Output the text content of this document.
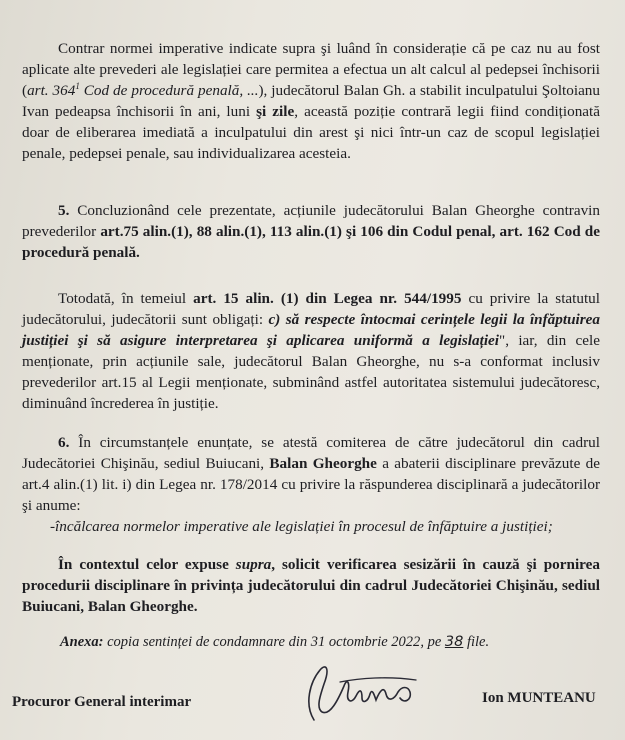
Contrar normei imperative indicate supra şi luând în considerație că pe caz nu au fost aplicate alte prevederi ale legislației care permitea a efectua un alt calcul al pedepsei închisorii (art. $364^1$ Cod de procedură penală, ...), judecătorul Balan Gh. a stabilit inculpatului Şoltoianu Ivan pedeapsa închisorii în ani, luni şi zile, această poziție contrară legii fiind condiționată doar de eliberarea imediată a inculpatului din arest şi nici într-un caz de scopul legislației penale, pedepsei penale, sau individualizarea acesteia.

5. Concluzionând cele prezentate, acțiunile judecătorului Balan Gheorghe contravin prevederilor art.75 alin.(1), 88 alin.(1), 113 alin.(1) şi 106 din Codul penal, art. 162 Cod de procedură penală.

Totodată, în temeiul art. 15 alin. (1) din Legea nr. 544/1995 cu privire la statutul judecătorului, judecătorii sunt obligați: c) să respecte întocmai cerințele legii la înfăptuirea justiției şi să asigure interpretarea şi aplicarea uniformă a legislației", iar, din cele menționate, prin acțiunile sale, judecătorul Balan Gheorghe, nu s-a conformat inclusiv prevederilor art.15 al Legii menționate, subminând astfel autoritatea sistemului judecătoresc, diminuând încrederea în justiție.

6. În circumstanțele enunțate, se atestă comiterea de către judecătorul din cadrul Judecătoriei Chişinău, sediul Buiucani, Balan Gheorghe a abaterii disciplinare prevăzute de art.4 alin.(1) lit. i) din Legea nr. 178/2014 cu privire la răspunderea disciplinară a judecătorilor şi anume:

-încălcarea normelor imperative ale legislației în procesul de înfăptuire a justiției;

În contextul celor expuse supra, solicit verificarea sesizării în cauză şi pornirea procedurii disciplinare în privința judecătorului din cadrul Judecătoriei Chişinău, sediul Buiucani, Balan Gheorghe.

Anexa: copia sentinței de condamnare din 31 octombrie 2022, pe 38 file.
Procuror General interimar	Ion MUNTEANU
